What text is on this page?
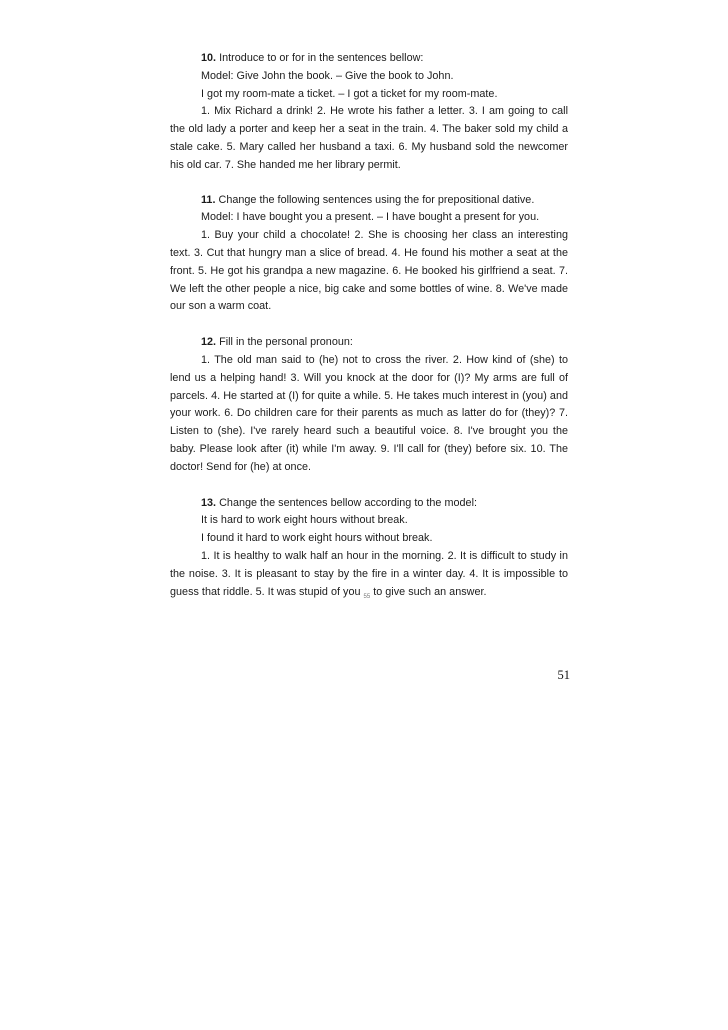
10. Introduce to or for in the sentences bellow:

Model: Give John the book. – Give the book to John.

I got my room-mate a ticket. – I got a ticket for my room-mate.

1. Mix Richard a drink! 2. He wrote his father a letter. 3. I am going to call the old lady a porter and keep her a seat in the train. 4. The baker sold my child a stale cake. 5. Mary called her husband a taxi. 6. My husband sold the newcomer his old car. 7. She handed me her library permit.

11. Change the following sentences using the for prepositional dative.

Model: I have bought you a present. – I have bought a present for you.

1. Buy your child a chocolate! 2. She is choosing her class an interesting text. 3. Cut that hungry man a slice of bread. 4. He found his mother a seat at the front. 5. He got his grandpa a new magazine. 6. He booked his girlfriend a seat. 7. We left the other people a nice, big cake and some bottles of wine. 8. We've made our son a warm coat.

12. Fill in the personal pronoun:

1. The old man said to (he) not to cross the river. 2. How kind of (she) to lend us a helping hand! 3. Will you knock at the door for (I)? My arms are full of parcels. 4. He started at (I) for quite a while. 5. He takes much interest in (you) and your work. 6. Do children care for their parents as much as latter do for (they)? 7. Listen to (she). I've rarely heard such a beautiful voice. 8. I've brought you the baby. Please look after (it) while I'm away. 9. I'll call for (they) before six. 10. The doctor! Send for (he) at once.

13. Change the sentences bellow according to the model:

It is hard to work eight hours without break.

I found it hard to work eight hours without break.

1. It is healthy to walk half an hour in the morning. 2. It is difficult to study in the noise. 3. It is pleasant to stay by the fire in a winter day. 4. It is impossible to guess that riddle. 5. It was stupid of you $_{55}$ to give such an answer.

51
